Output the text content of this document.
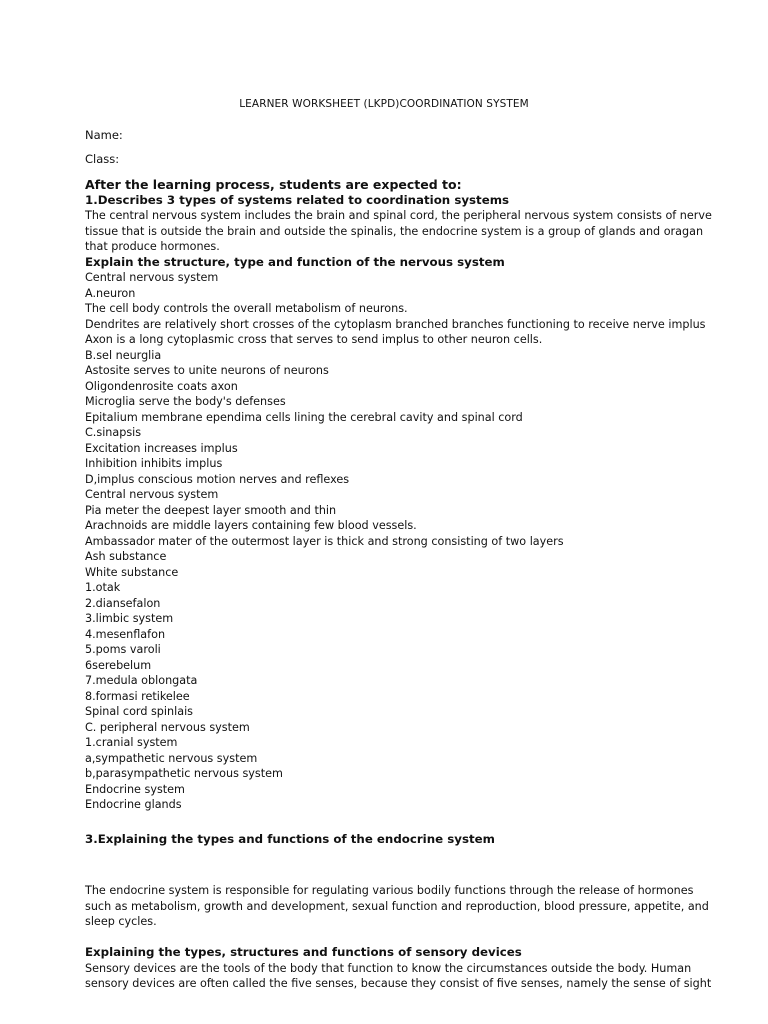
LEARNER WORKSHEET (LKPD)COORDINATION SYSTEM
Name:
Class:

After the learning process, students are expected to:

1.Describes 3 types of systems related to coordination systems

The central nervous system includes the brain and spinal cord, the peripheral nervous system consists of nerve

tissue that is outside the brain and outside the spinalis, the endocrine system is a group of glands and oragan

that produce hormones.

Explain the structure, type and function of the nervous system

Central nervous system

A.neuron

The cell body controls the overall metabolism of neurons.

Dendrites are relatively short crosses of the cytoplasm branched branches functioning to receive nerve implus

Axon is a long cytoplasmic cross that serves to send implus to other neuron cells.

B.sel neurglia

Astosite serves to unite neurons of neurons

Oligondenrosite coats axon

Microglia serve the body's defenses

Epitalium membrane ependima cells lining the cerebral cavity and spinal cord

C.sinapsis

Excitation increases implus

Inhibition inhibits implus

D,implus conscious motion nerves and reflexes

Central nervous system

Pia meter the deepest layer smooth and thin

Arachnoids are middle layers containing few blood vessels.

Ambassador mater of the outermost layer is thick and strong consisting of two layers

Ash substance

White substance

1.otak

2.diansefalon

3.limbic system

4.mesenflafon

5.poms varoli

6serebelum

7.medula oblongata

8.formasi retikelee

Spinal cord spinlais

C. peripheral nervous system

1.cranial system

a,sympathetic nervous system

b,parasympathetic nervous system

Endocrine system

Endocrine glands

3.Explaining the types and functions of the endocrine system

The endocrine system is responsible for regulating various bodily functions through the release of hormones

such as metabolism, growth and development, sexual function and reproduction, blood pressure, appetite, and

sleep cycles.

Explaining the types, structures and functions of sensory devices

Sensory devices are the tools of the body that function to know the circumstances outside the body. Human

sensory devices are often called the five senses, because they consist of five senses, namely the sense of sight
